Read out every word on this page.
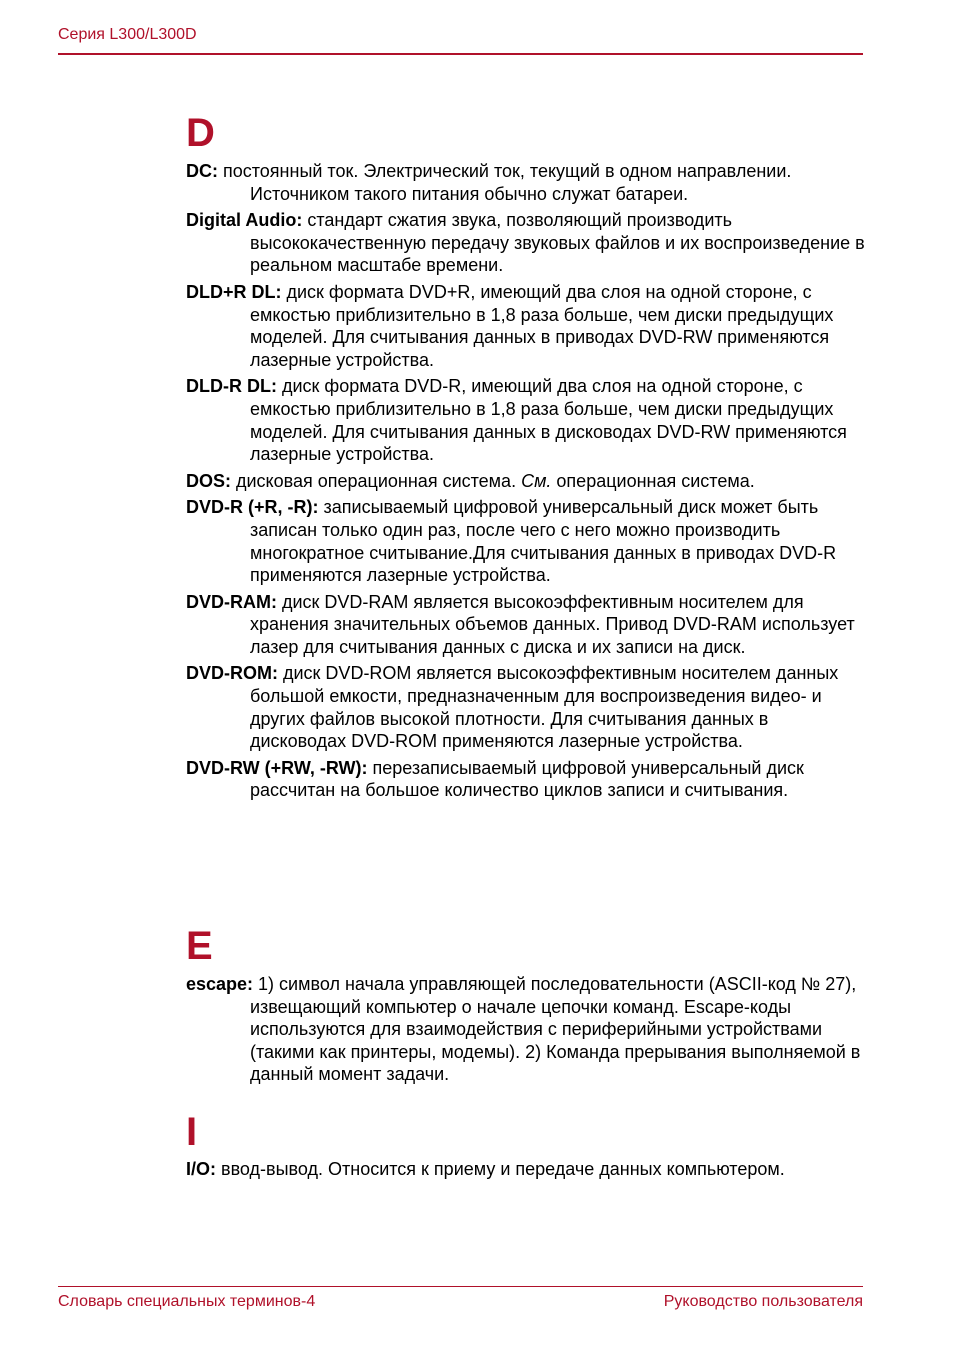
Серия L300/L300D
D
DC: постоянный ток. Электрический ток, текущий в одном направлении. Источником такого питания обычно служат батареи.
Digital Audio: стандарт сжатия звука, позволяющий производить высококачественную передачу звуковых файлов и их воспроизведение в реальном масштабе времени.
DLD+R DL: диск формата DVD+R, имеющий два слоя на одной стороне, с емкостью приблизительно в 1,8 раза больше, чем диски предыдущих моделей. Для считывания данных в приводах DVD-RW применяются лазерные устройства.
DLD-R DL: диск формата DVD-R, имеющий два слоя на одной стороне, с емкостью приблизительно в 1,8 раза больше, чем диски предыдущих моделей. Для считывания данных в дисководах DVD-RW применяются лазерные устройства.
DOS: дисковая операционная система. См. операционная система.
DVD-R (+R, -R): записываемый цифровой универсальный диск может быть записан только один раз, после чего с него можно производить многократное считывание.Для считывания данных в приводах DVD-R применяются лазерные устройства.
DVD-RAM: диск DVD-RAM является высокоэффективным носителем для хранения значительных объемов данных. Привод DVD-RAM использует лазер для считывания данных с диска и их записи на диск.
DVD-ROM: диск DVD-ROM является высокоэффективным носителем данных большой емкости, предназначенным для воспроизведения видео- и других файлов высокой плотности. Для считывания данных в дисководах DVD-ROM применяются лазерные устройства.
DVD-RW (+RW, -RW): перезаписываемый цифровой универсальный диск рассчитан на большое количество циклов записи и считывания.
E
escape: 1) символ начала управляющей последовательности (ASCII-код № 27), извещающий компьютер о начале цепочки команд. Escape-коды используются для взаимодействия с периферийными устройствами (такими как принтеры, модемы). 2) Команда прерывания выполняемой в данный момент задачи.
I
I/O: ввод-вывод. Относится к приему и передаче данных компьютером.
Словарь специальных терминов-4	Руководство пользователя
